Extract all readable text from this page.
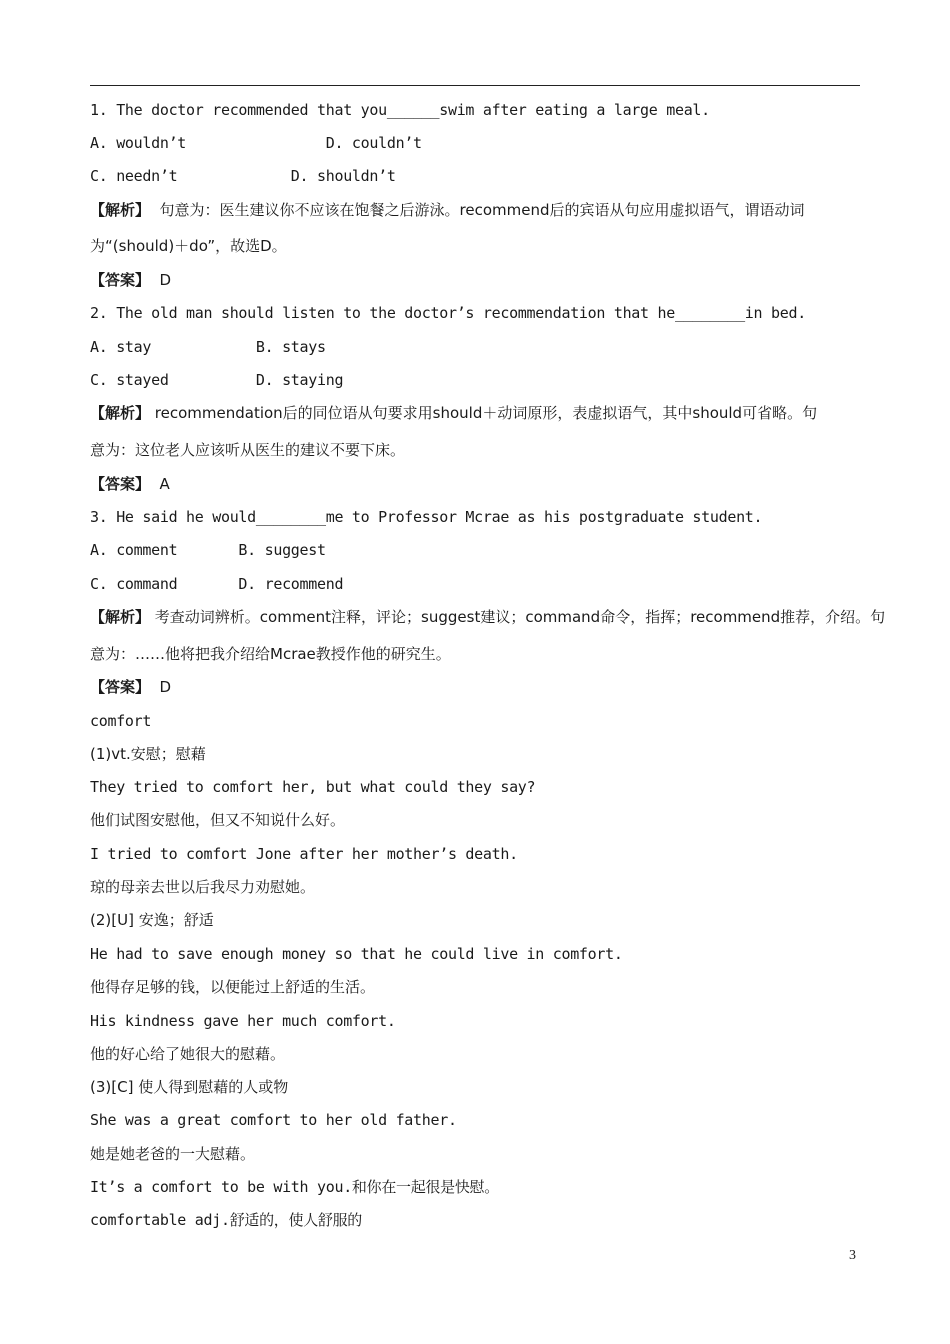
1. The doctor recommended that you______swim after eating a large meal.
A. wouldn’t                D. couldn’t
C. needn’t             D. shouldn’t
【解析】  句意为：医生建议你不应该在饱餐之后游泳。recommend后的宾语从句应用虚拟语气，谓语动词
为“(should)＋do”，故选D。
【答案】  D
2. The old man should listen to the doctor’s recommendation that he________in bed.
A. stay            B. stays
C. stayed          D. staying
【解析】 recommendation后的同位语从句要求用should＋动词原形，表虚拟语气，其中should可省略。句
意为：这位老人应该听从医生的建议不要下床。
【答案】  A
3. He said he would________me to Professor Mcrae as his postgraduate student.
A. comment       B. suggest
C. command       D. recommend
【解析】 考查动词辨析。comment注释，评论；suggest建议；command命令，指挥；recommend推荐，介绍。句
意为：……他将把我介绍给Mcrae教授作他的研究生。
【答案】  D
comfort
(1)vt.安慰；慰藉
They tried to comfort her, but what could they say?
他们试图安慰他，但又不知说什么好。
I tried to comfort Jone after her mother’s death.
琼的母亲去世以后我尽力劝慰她。
(2)[U] 安逸；舒适
He had to save enough money so that he could live in comfort.
他得存足够的钱，以便能过上舒适的生活。
His kindness gave her much comfort.
他的好心给了她很大的慰藉。
(3)[C] 使人得到慰藉的人或物
She was a great comfort to her old father.
她是她老爸的一大慰藉。
It’s a comfort to be with you.和你在一起很是快慰。
comfortable adj.舒适的，使人舒服的
3
